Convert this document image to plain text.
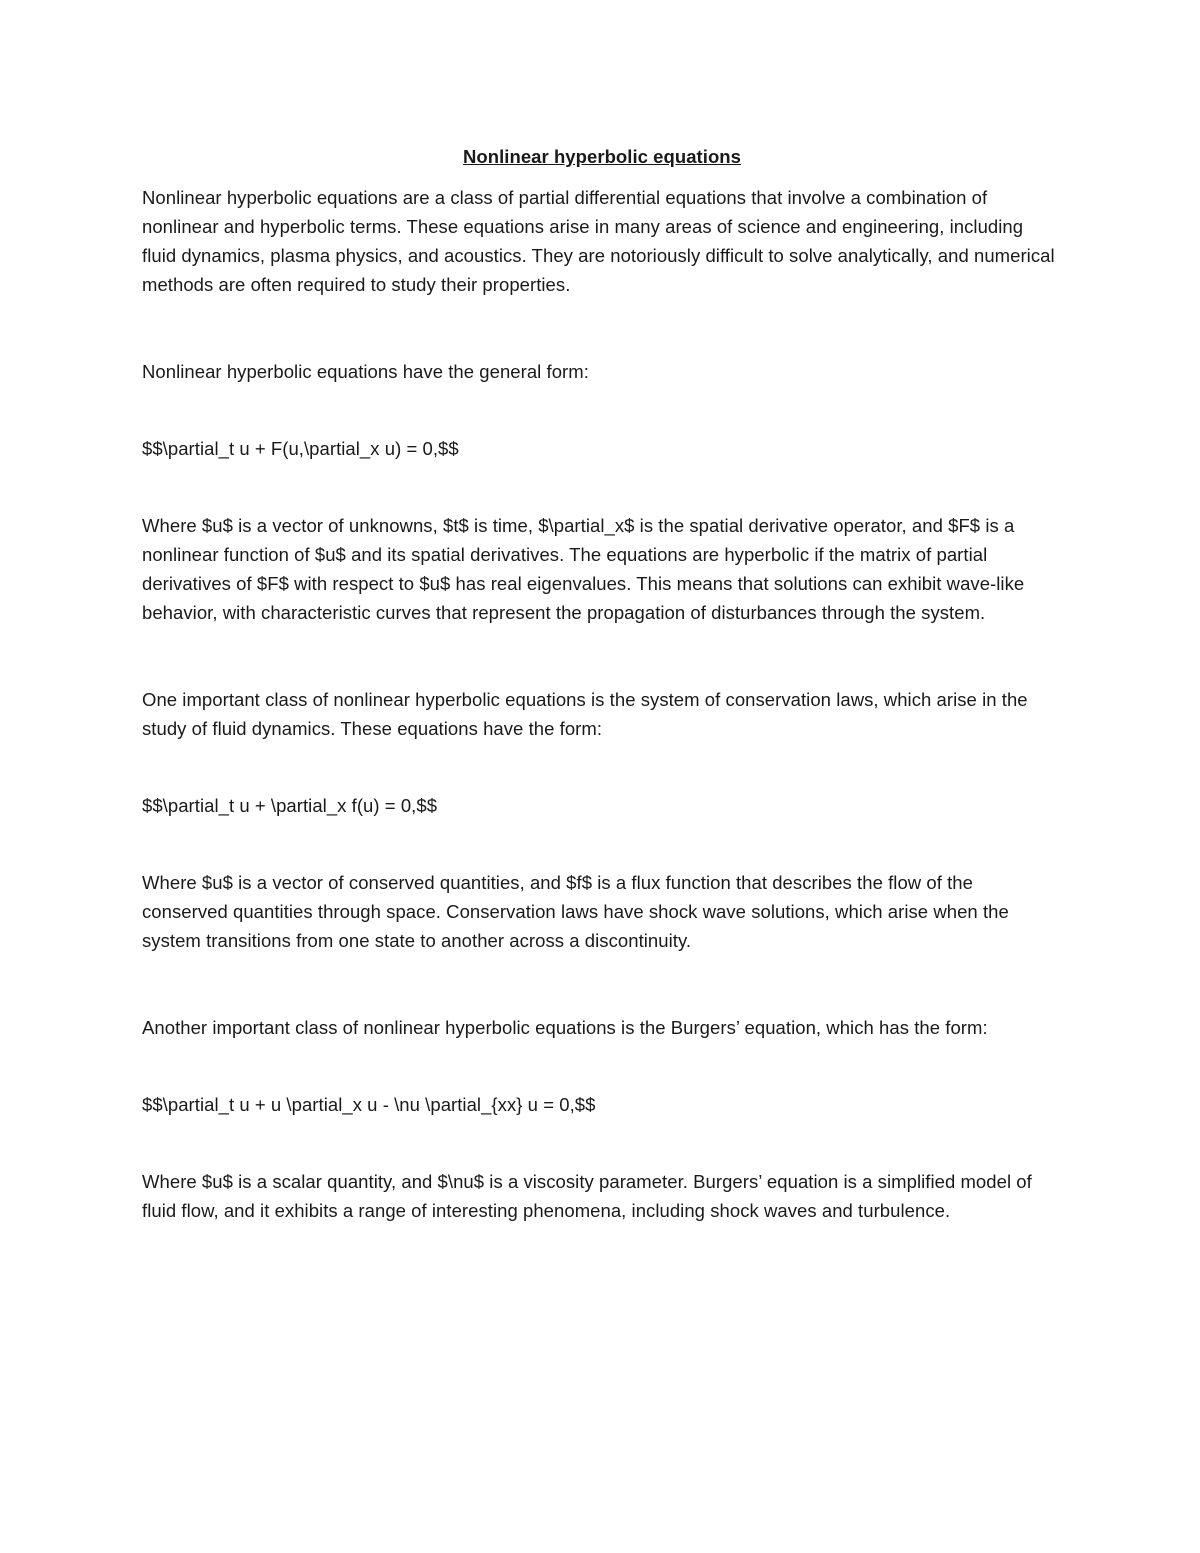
Nonlinear hyperbolic equations

Nonlinear hyperbolic equations are a class of partial differential equations that involve a combination of nonlinear and hyperbolic terms. These equations arise in many areas of science and engineering, including fluid dynamics, plasma physics, and acoustics. They are notoriously difficult to solve analytically, and numerical methods are often required to study their properties.

Nonlinear hyperbolic equations have the general form:

$$\partial_t u + F(u,\partial_x u) = 0,$$

Where $u$ is a vector of unknowns, $t$ is time, $\partial_x$ is the spatial derivative operator, and $F$ is a nonlinear function of $u$ and its spatial derivatives. The equations are hyperbolic if the matrix of partial derivatives of $F$ with respect to $u$ has real eigenvalues. This means that solutions can exhibit wave-like behavior, with characteristic curves that represent the propagation of disturbances through the system.

One important class of nonlinear hyperbolic equations is the system of conservation laws, which arise in the study of fluid dynamics. These equations have the form:

$$\partial_t u + \partial_x f(u) = 0,$$

Where $u$ is a vector of conserved quantities, and $f$ is a flux function that describes the flow of the conserved quantities through space. Conservation laws have shock wave solutions, which arise when the system transitions from one state to another across a discontinuity.

Another important class of nonlinear hyperbolic equations is the Burgers’ equation, which has the form:

$$\partial_t u + u \partial_x u - \nu \partial_{xx} u = 0,$$

Where $u$ is a scalar quantity, and $\nu$ is a viscosity parameter. Burgers’ equation is a simplified model of fluid flow, and it exhibits a range of interesting phenomena, including shock waves and turbulence.
